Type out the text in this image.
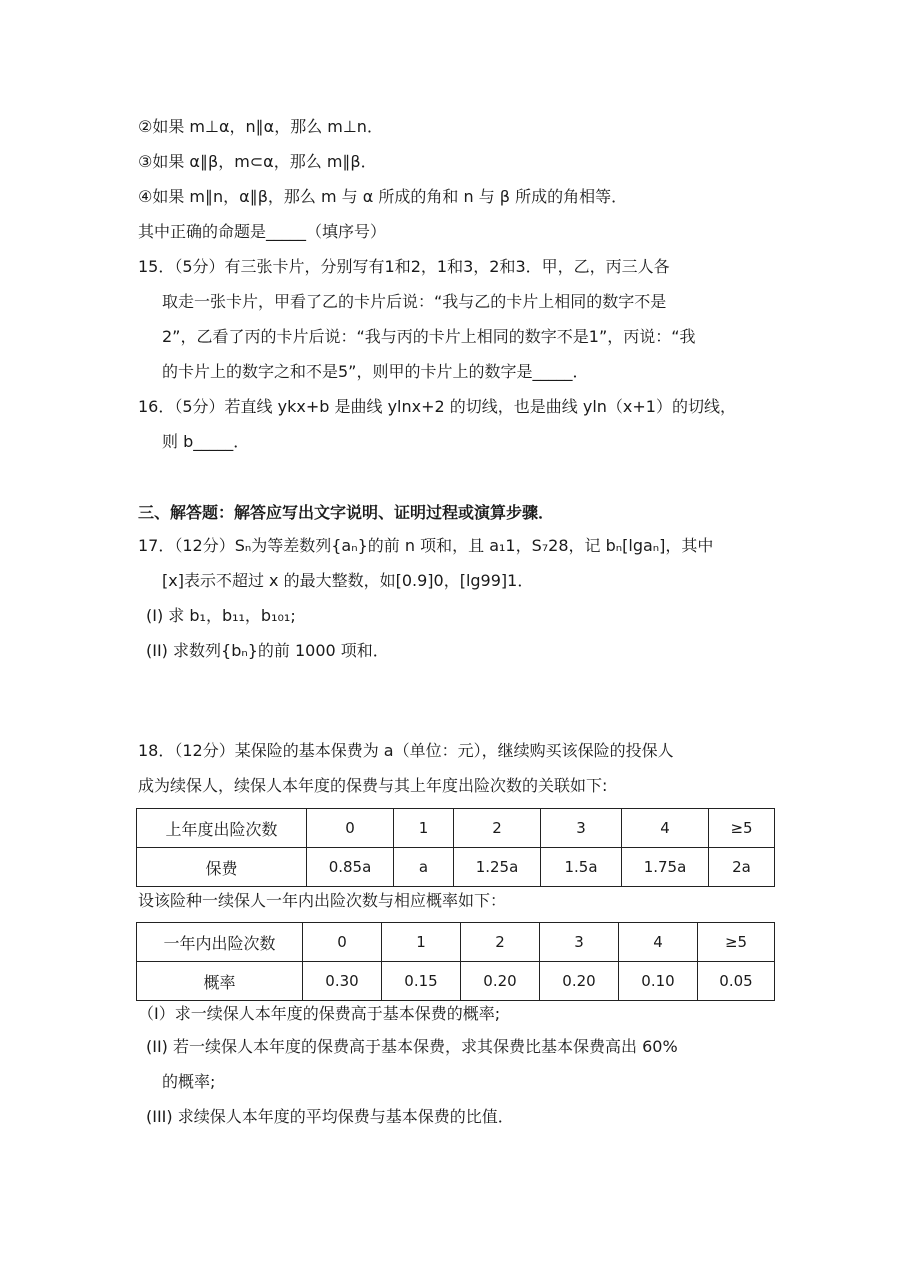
②如果 m⊥α，n∥α，那么 m⊥n．
③如果 α∥β，m⊂α，那么 m∥β．
④如果 m∥n，α∥β，那么 m 与 α 所成的角和 n 与 β 所成的角相等．
其中正确的命题是_____（填序号）
15．（5分）有三张卡片，分别写有1和2，1和3，2和3．甲，乙，丙三人各
取走一张卡片，甲看了乙的卡片后说：“我与乙的卡片上相同的数字不是
2”，乙看了丙的卡片后说：“我与丙的卡片上相同的数字不是1”，丙说：“我
的卡片上的数字之和不是5”，则甲的卡片上的数字是_____．
16．（5分）若直线 ykx+b 是曲线 ylnx+2 的切线，也是曲线 yln（x+1）的切线，
则 b_____．
三、解答题：解答应写出文字说明、证明过程或演算步骤．
17．（12分）Sₙ为等差数列{aₙ}的前 n 项和，且 a₁1，S₇28，记 bₙ[lgaₙ]，其中
[x]表示不超过 x 的最大整数，如[0.9]0，[lg99]1．
(I) 求 b₁，b₁₁，b₁₀₁;
(II) 求数列{bₙ}的前 1000 项和．
18．（12分）某保险的基本保费为 a（单位：元），继续购买该保险的投保人
成为续保人，续保人本年度的保费与其上年度出险次数的关联如下:
上年度出险次数	0	1	2	3	4	≥5
保费	0.85a	a	1.25a	1.5a	1.75a	2a
设该险种一续保人一年内出险次数与相应概率如下：
一年内出险次数	0	1	2	3	4	≥5
概率	0.30	0.15	0.20	0.20	0.10	0.05
（Ⅰ）求一续保人本年度的保费高于基本保费的概率;
(II) 若一续保人本年度的保费高于基本保费，求其保费比基本保费高出 60%
的概率;
(III) 求续保人本年度的平均保费与基本保费的比值．
